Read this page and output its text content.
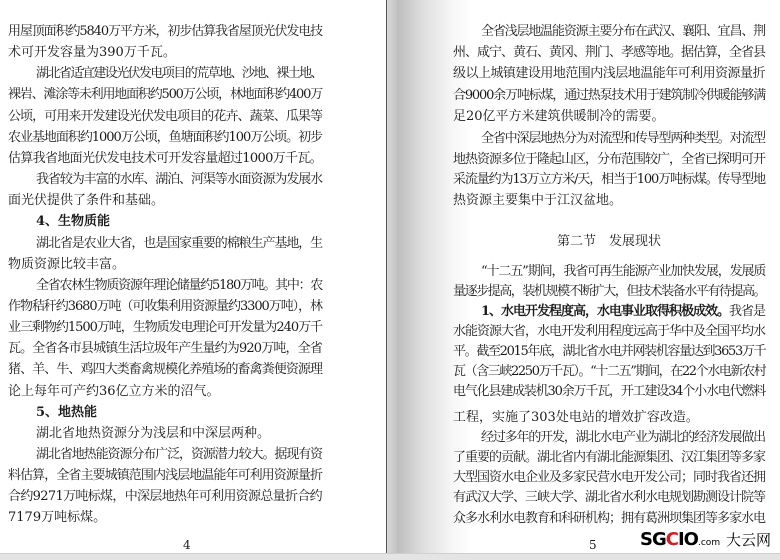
用屋顶面积约5840万平方米，初步估算我省屋顶光伏发电技
术可开发容量为390万千瓦。
湖北省适宜建设光伏发电项目的荒草地、沙地、裸土地、
裸岩、滩涂等未利用地面积约500万公顷，林地面积约400万
公顷，可用来开发建设光伏发电项目的花卉、蔬菜、瓜果等
农业基地面积约1000万公顷，鱼塘面积约100万公顷。初步
估算我省地面光伏发电技术可开发容量超过1000万千瓦。
我省较为丰富的水库、湖泊、河渠等水面资源为发展水
面光伏提供了条件和基础。
4、生物质能
湖北省是农业大省，也是国家重要的棉粮生产基地，生
物质资源比较丰富。
全省农林生物质资源年理论储量约5180万吨。其中：农
作物秸秆约3680万吨（可收集利用资源量约3300万吨），林
业三剩物约1500万吨，生物质发电理论可开发量为240万千
瓦。全省各市县城镇生活垃圾年产生量约为920万吨，全省
猪、羊、牛、鸡四大类畜禽规模化养殖场的畜禽粪便资源理
论上每年可产约36亿立方米的沼气。
5、地热能
湖北省地热资源分为浅层和中深层两种。
湖北省地热能资源分布广泛，资源潜力较大。据现有资
料估算，全省主要城镇范围内浅层地温能年可利用资源量折
合约9271万吨标煤，中深层地热年可利用资源总量折合约
7179万吨标煤。
4
全省浅层地温能资源主要分布在武汉、襄阳、宜昌、荆
州、咸宁、黄石、黄冈、荆门、孝感等地。据估算，全省县
级以上城镇建设用地范围内浅层地温能年可利用资源量折
合9000余万吨标煤，通过热泵技术用于建筑制冷供暖能够满
足20亿平方米建筑供暖制冷的需要。
全省中深层地热分为对流型和传导型两种类型。对流型
地热资源多位于隆起山区，分布范围较广，全省已探明可开
采流量约为13万立方米/天，相当于100万吨标煤。传导型地
热资源主要集中于江汉盆地。
第二节　发展现状
“十二五”期间，我省可再生能源产业加快发展，发展质
量逐步提高，装机规模不断扩大，但技术装备水平有待提高。
1、水电开发程度高，水电事业取得积极成效。我省是
水能资源大省，水电开发利用程度远高于华中及全国平均水
平。截至2015年底，湖北省水电并网装机容量达到3653万千
瓦（含三峡2250万千瓦）。“十二五”期间，在22个水电新农村
电气化县建成装机30余万千瓦，开工建设34个小水电代燃料
工程，实施了303处电站的增效扩容改造。
经过多年的开发，湖北水电产业为湖北的经济发展做出
了重要的贡献。湖北省内有湖北能源集团、汉江集团等多家
大型国资水电企业及多家民营水电开发公司；同时我省还拥
有武汉大学、三峡大学、湖北省水利水电规划勘测设计院等
众多水利水电教育和科研机构；拥有葛洲坝集团等多家水电
5 SGCIO .com 大云网
